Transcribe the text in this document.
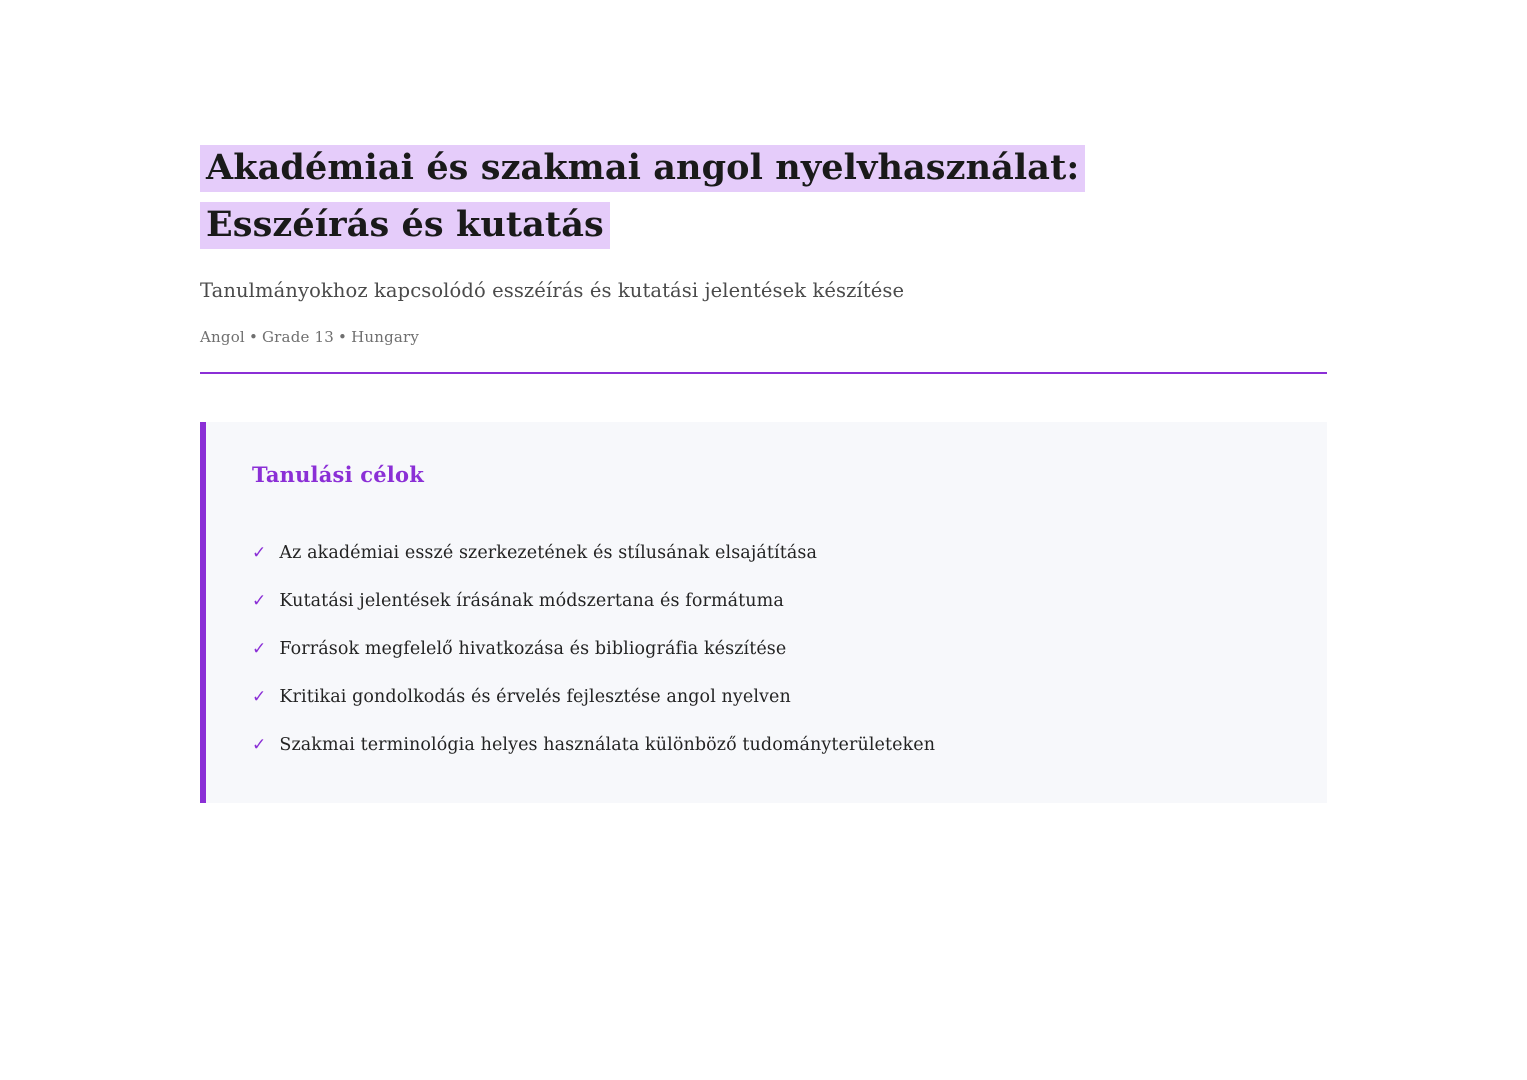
Akadémiai és szakmai angol nyelvhasználat: Esszéírás és kutatás

Tanulmányokhoz kapcsolódó esszéírás és kutatási jelentések készítése

Angol • Grade 13 • Hungary

Tanulási célok
✓ Az akadémiai esszé szerkezetének és stílusának elsajátítása
✓ Kutatási jelentések írásának módszertana és formátuma
✓ Források megfelelő hivatkozása és bibliográfia készítése
✓ Kritikai gondolkodás és érvelés fejlesztése angol nyelven
✓ Szakmai terminológia helyes használata különböző tudományterületeken
